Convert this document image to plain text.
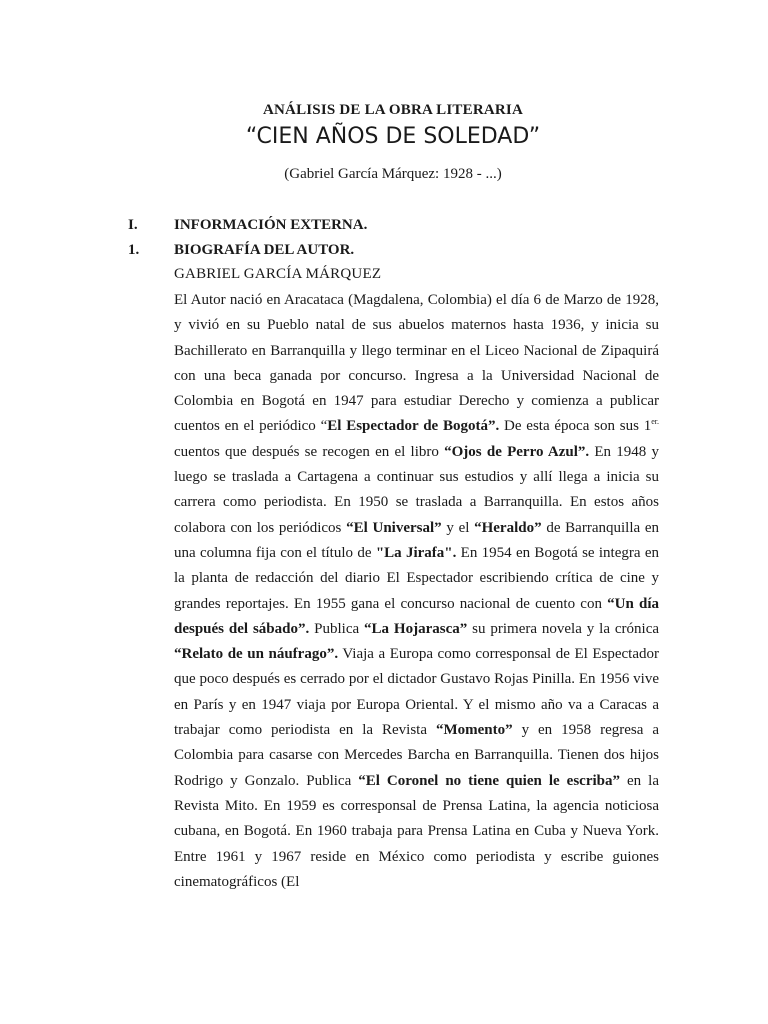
ANÁLISIS DE LA OBRA LITERARIA
“CIEN AÑOS DE SOLEDAD”
(Gabriel García Márquez: 1928 - ...)
I. INFORMACIÓN EXTERNA.
1. BIOGRAFÍA DEL AUTOR.
GABRIEL GARCÍA MÁRQUEZ

El Autor nació en Aracataca (Magdalena, Colombia) el día 6 de Marzo de 1928, y vivió en su Pueblo natal de sus abuelos maternos hasta 1936, y inicia su Bachillerato en Barranquilla y llego terminar en el Liceo Nacional de Zipaquirá con una beca ganada por concurso. Ingresa a la Universidad Nacional de Colombia en Bogotá en 1947 para estudiar Derecho y comienza a publicar cuentos en el periódico “El Espectador de Bogotá”. De esta época son sus $1^{er.}$ cuentos que después se recogen en el libro “Ojos de Perro Azul”. En 1948 y luego se traslada a Cartagena a continuar sus estudios y allí llega a inicia su carrera como periodista. En 1950 se traslada a Barranquilla. En estos años colabora con los periódicos “El Universal” y el “Heraldo” de Barranquilla en una columna fija con el título de "La Jirafa". En 1954 en Bogotá se integra en la planta de redacción del diario El Espectador escribiendo crítica de cine y grandes reportajes. En 1955 gana el concurso nacional de cuento con “Un día después del sábado”. Publica “La Hojarasca” su primera novela y la crónica “Relato de un náufrago”. Viaja a Europa como corresponsal de El Espectador que poco después es cerrado por el dictador Gustavo Rojas Pinilla. En 1956 vive en París y en 1947 viaja por Europa Oriental. Y el mismo año va a Caracas a trabajar como periodista en la Revista “Momento” y en 1958 regresa a Colombia para casarse con Mercedes Barcha en Barranquilla. Tienen dos hijos Rodrigo y Gonzalo. Publica “El Coronel no tiene quien le escriba” en la Revista Mito. En 1959 es corresponsal de Prensa Latina, la agencia noticiosa cubana, en Bogotá. En 1960 trabaja para Prensa Latina en Cuba y Nueva York. Entre 1961 y 1967 reside en México como periodista y escribe guiones cinematográficos (El
